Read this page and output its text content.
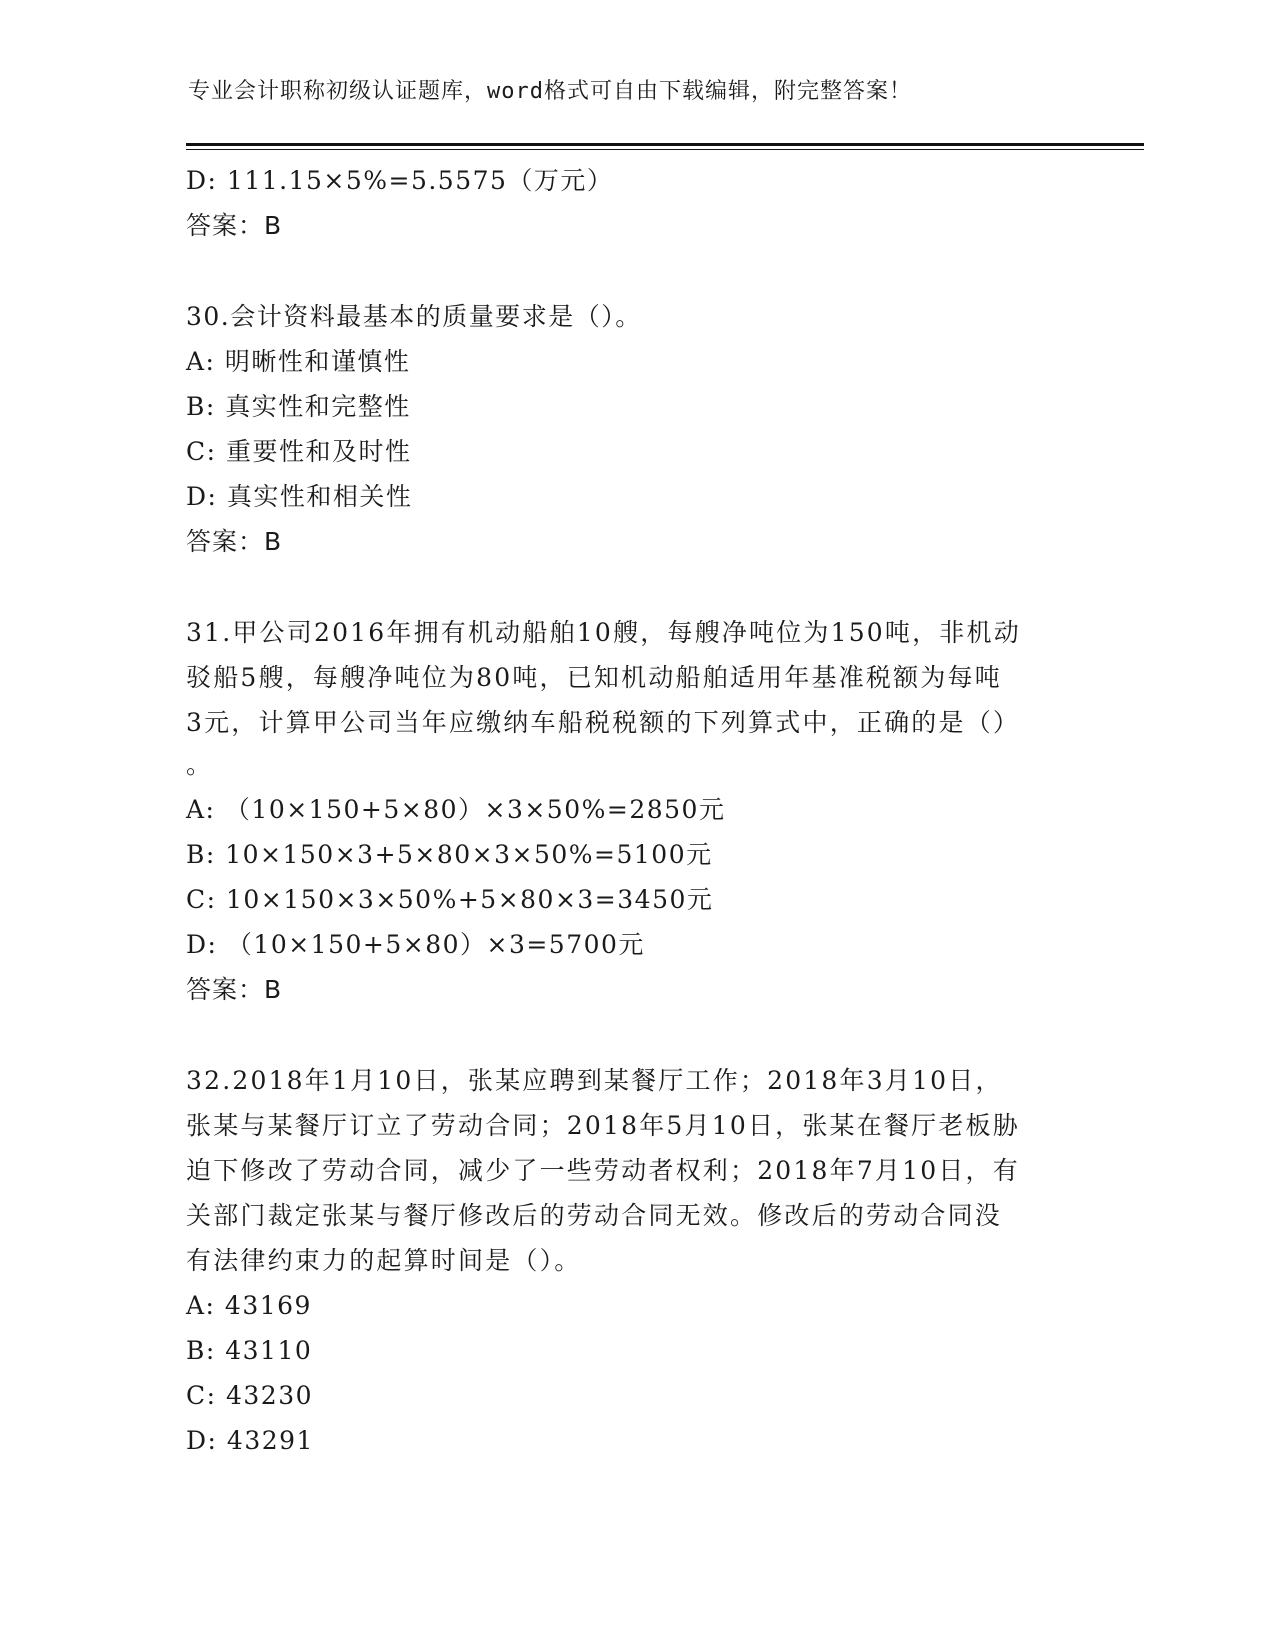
专业会计职称初级认证题库，word格式可自由下载编辑，附完整答案！
D: 111.15×5%=5.5575（万元）
答案：B
30.会计资料最基本的质量要求是（）。
A: 明晰性和谨慎性
B: 真实性和完整性
C: 重要性和及时性
D: 真实性和相关性
答案：B
31.甲公司2016年拥有机动船舶10艘，每艘净吨位为150吨，非机动
驳船5艘，每艘净吨位为80吨，已知机动船舶适用年基准税额为每吨
3元，计算甲公司当年应缴纳车船税税额的下列算式中，正确的是（）
。
A: （10×150+5×80）×3×50%=2850元
B: 10×150×3+5×80×3×50%=5100元
C: 10×150×3×50%+5×80×3=3450元
D: （10×150+5×80）×3=5700元
答案：B
32.2018年1月10日，张某应聘到某餐厅工作；2018年3月10日，
张某与某餐厅订立了劳动合同；2018年5月10日，张某在餐厅老板胁
迫下修改了劳动合同，减少了一些劳动者权利；2018年7月10日，有
关部门裁定张某与餐厅修改后的劳动合同无效。修改后的劳动合同没
有法律约束力的起算时间是（）。
A: 43169
B: 43110
C: 43230
D: 43291
